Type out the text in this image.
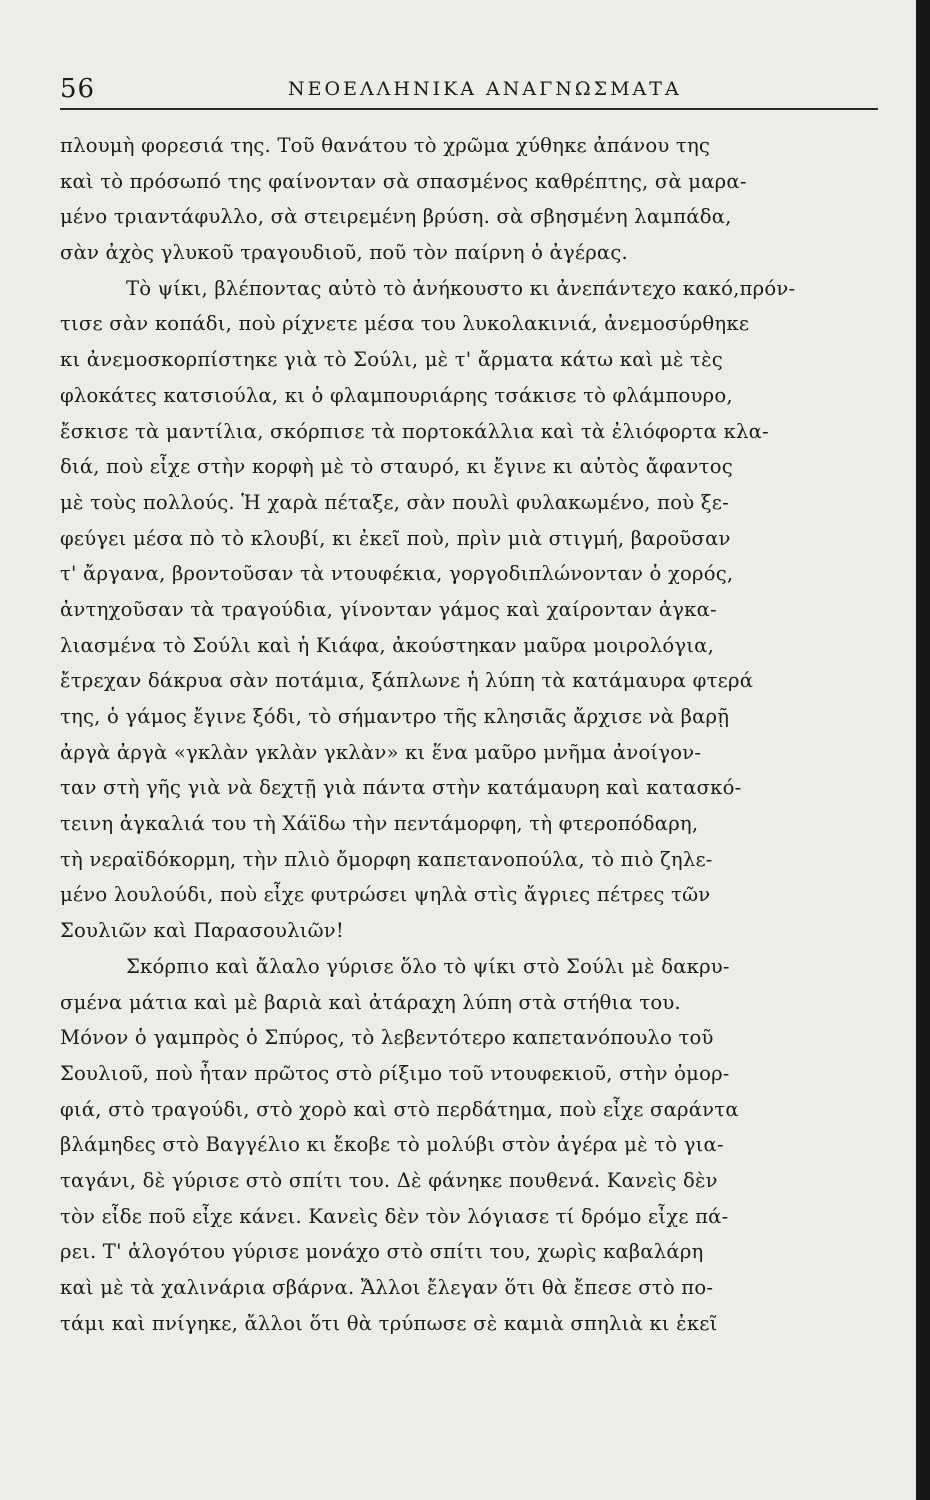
56	ΝΕΟΕΛΛΗΝΙΚΑ ΑΝΑΓΝΩΣΜΑΤΑ
πλουμὴ φορεσιά της. Τοῦ θανάτου τὸ χρῶμα χύθηκε ἀπάνου της
καὶ τὸ πρόσωπό της φαίνονταν σὰ σπασμένος καθρέπτης, σὰ μαρα-
μένο τριαντάφυλλο, σὰ στειρεμένη βρύση. σὰ σβησμένη λαμπάδα,
σὰν ἀχὸς γλυκοῦ τραγουδιοῦ, ποῦ τὸν παίρνη ὁ ἀγέρας.
Τὸ ψίκι, βλέποντας αὐτὸ τὸ ἀνήκουστο κι ἀνεπάντεχο κακό,πρόν-
τισε σὰν κοπάδι, ποὺ ρίχνετε μέσα του λυκολακινιά, ἀνεμοσύρθηκε
κι ἀνεμοσκορπίστηκε γιὰ τὸ Σούλι, μὲ τ' ἄρματα κάτω καὶ μὲ τὲς
φλοκάτες κατσιούλα, κι ὁ φλαμπουριάρης τσάκισε τὸ φλάμπουρο,
ἔσκισε τὰ μαντίλια, σκόρπισε τὰ πορτοκάλλια καὶ τὰ ἐλιόφορτα κλα-
διά, ποὺ εἶχε στὴν κορφὴ μὲ τὸ σταυρό, κι ἔγινε κι αὐτὸς ἄφαντος
μὲ τοὺς πολλούς. Ἡ χαρὰ πέταξε, σὰν πουλὶ φυλακωμένο, ποὺ ξε-
φεύγει μέσα πὸ τὸ κλουβί, κι ἐκεῖ ποὺ, πρὶν μιὰ στιγμή, βαροῦσαν
τ' ἄργανα, βροντοῦσαν τὰ ντουφέκια, γοργοδιπλώνονταν ὁ χορός,
ἀντηχοῦσαν τὰ τραγούδια, γίνονταν γάμος καὶ χαίρονταν ἀγκα-
λιασμένα τὸ Σούλι καὶ ἡ Κιάφα, ἀκούστηκαν μαῦρα μοιρολόγια,
ἔτρεχαν δάκρυα σὰν ποτάμια, ξάπλωνε ἡ λύπη τὰ κατάμαυρα φτερά
της, ὁ γάμος ἔγινε ξόδι, τὸ σήμαντρο τῆς κλησιᾶς ἄρχισε νὰ βαρῇ
ἀργὰ ἀργὰ «γκλὰν γκλὰν γκλὰν» κι ἕνα μαῦρο μνῆμα ἀνοίγον-
ταν στὴ γῆς γιὰ νὰ δεχτῇ γιὰ πάντα στὴν κατάμαυρη καὶ κατασκό-
τεινη ἀγκαλιά του τὴ Χάϊδω τὴν πεντάμορφη, τὴ φτεροπόδαρη,
τὴ νεραϊδόκορμη, τὴν πλιὸ ὄμορφη καπετανοπούλα, τὸ πιὸ ζηλε-
μένο λουλούδι, ποὺ εἶχε φυτρώσει ψηλὰ στὶς ἄγριες πέτρες τῶν
Σουλιῶν καὶ Παρασουλιῶν!
Σκόρπιο καὶ ἄλαλο γύρισε ὅλο τὸ ψίκι στὸ Σούλι μὲ δακρυ-
σμένα μάτια καὶ μὲ βαριὰ καὶ ἀτάραχη λύπη στὰ στήθια του.
Μόνον ὁ γαμπρὸς ὁ Σπύρος, τὸ λεβεντότερο καπετανόπουλο τοῦ
Σουλιοῦ, ποὺ ἦταν πρῶτος στὸ ρίξιμο τοῦ ντουφεκιοῦ, στὴν ὀμορ-
φιά, στὸ τραγούδι, στὸ χορὸ καὶ στὸ περδάτημα, ποὺ εἶχε σαράντα
βλάμηδες στὸ Βαγγέλιο κι ἔκοβε τὸ μολύβι στὸν ἀγέρα μὲ τὸ για-
ταγάνι, δὲ γύρισε στὸ σπίτι του. Δὲ φάνηκε πουθενά. Κανεὶς δὲν
τὸν εἶδε ποῦ εἶχε κάνει. Κανεὶς δὲν τὸν λόγιασε τί δρόμο εἶχε πά-
ρει. Τ' ἀλογότου γύρισε μονάχο στὸ σπίτι του, χωρὶς καβαλάρη
καὶ μὲ τὰ χαλινάρια σβάρνα. Ἄλλοι ἔλεγαν ὅτι θὰ ἔπεσε στὸ πο-
τάμι καὶ πνίγηκε, ἄλλοι ὅτι θὰ τρύπωσε σὲ καμιὰ σπηλιὰ κι ἐκεῖ
